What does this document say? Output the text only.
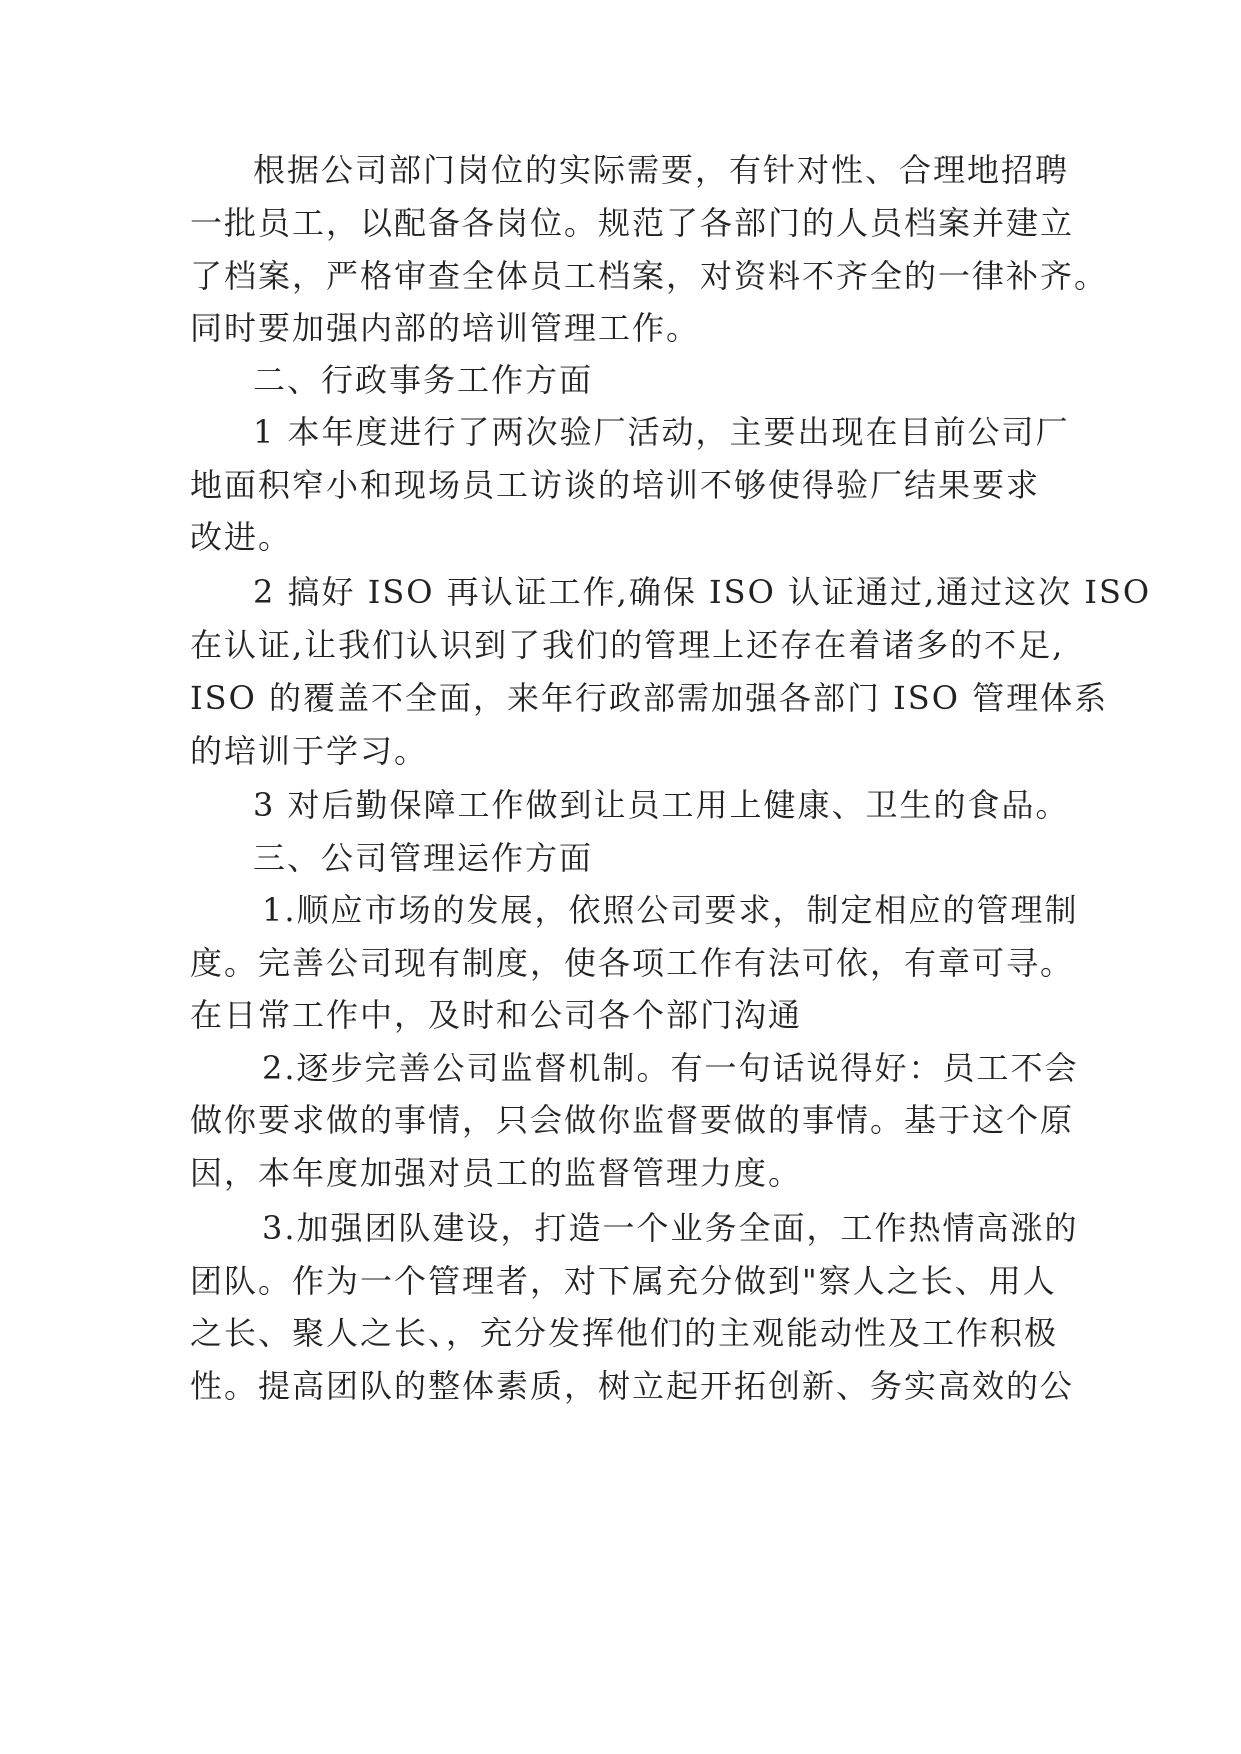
根据公司部门岗位的实际需要，有针对性、合理地招聘

一批员工，以配备各岗位。规范了各部门的人员档案并建立

了档案，严格审查全体员工档案，对资料不齐全的一律补齐。

同时要加强内部的培训管理工作。

二、行政事务工作方面

1 本年度进行了两次验厂活动，主要出现在目前公司厂

地面积窄小和现场员工访谈的培训不够使得验厂结果要求

改进。

2 搞好 ISO 再认证工作,确保 ISO 认证通过,通过这次 ISO

在认证,让我们认识到了我们的管理上还存在着诸多的不足,

ISO 的覆盖不全面，来年行政部需加强各部门 ISO 管理体系

的培训于学习。

3 对后勤保障工作做到让员工用上健康、卫生的食品。

三、公司管理运作方面

1.顺应市场的发展，依照公司要求，制定相应的管理制

度。完善公司现有制度，使各项工作有法可依，有章可寻。

在日常工作中，及时和公司各个部门沟通

2.逐步完善公司监督机制。有一句话说得好：员工不会

做你要求做的事情，只会做你监督要做的事情。基于这个原

因，本年度加强对员工的监督管理力度。

3.加强团队建设，打造一个业务全面，工作热情高涨的

团队。作为一个管理者，对下属充分做到"察人之长、用人

之长、聚人之长、，充分发挥他们的主观能动性及工作积极

性。提高团队的整体素质，树立起开拓创新、务实高效的公
